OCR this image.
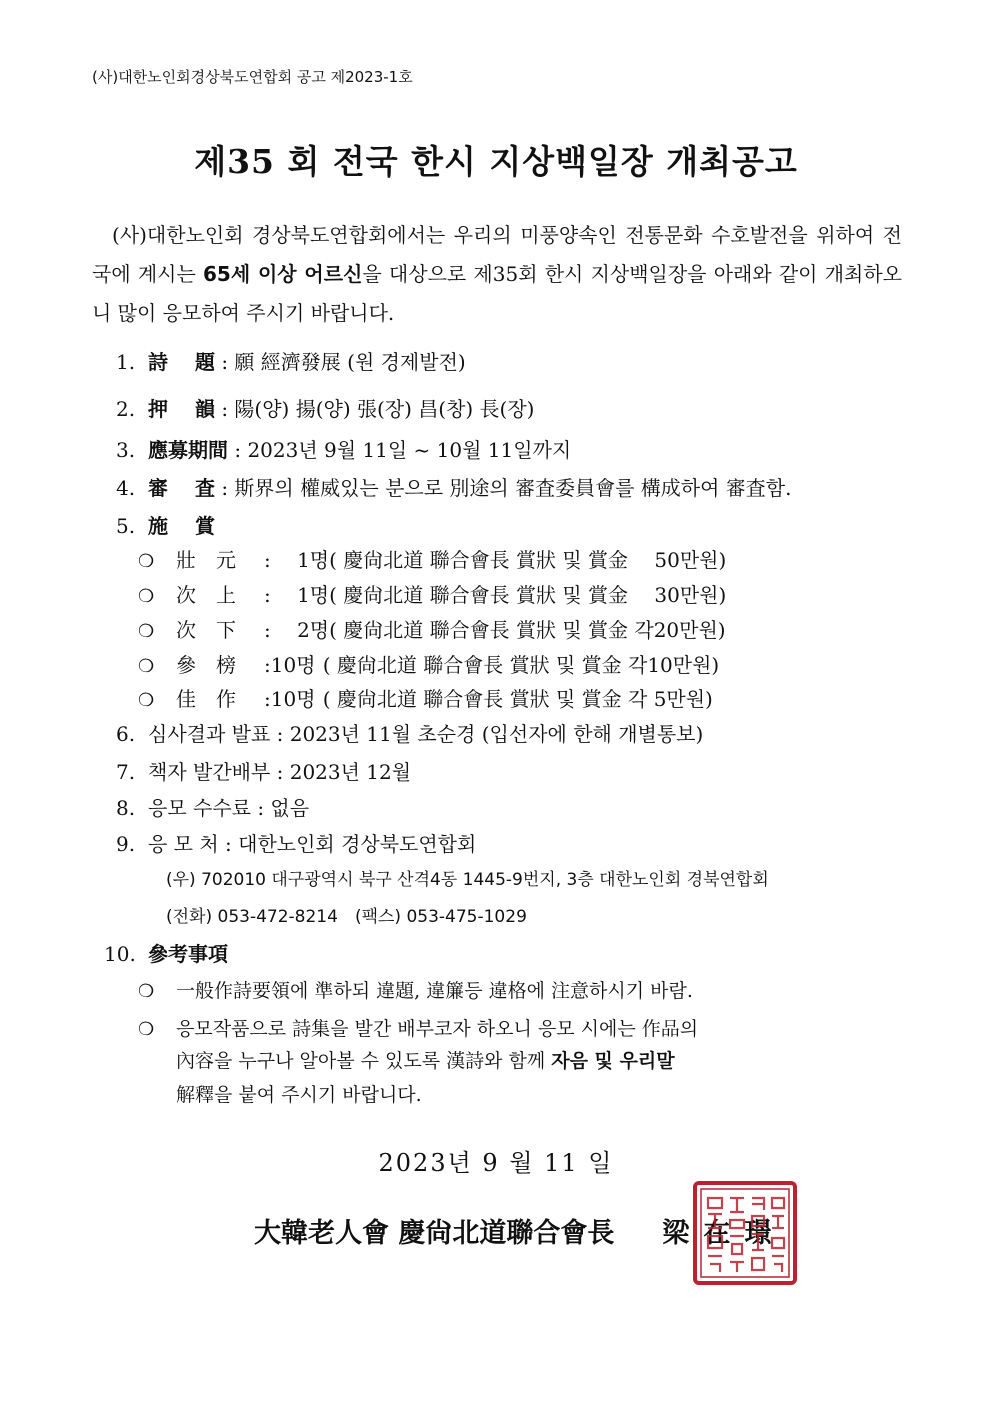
(사)대한노인회경상북도연합회 공고 제2023-1호
제35 회 전국 한시 지상백일장 개최공고
 (사)대한노인회 경상북도연합회에서는 우리의 미풍양속인 전통문화 수호발전을 위하여 전국에 계시는 65세 이상 어르신을 대상으로 제35회 한시 지상백일장을 아래와 같이 개최하오니 많이 응모하여 주시기 바랍니다.
1. 詩　 題 : 願 經濟發展 (원 경제발전)
2. 押　 韻 : 陽(양) 揚(양) 張(장) 昌(창) 長(장)
3. 應募期間 : 2023년 9월 11일 ~ 10월 11일까지
4. 審　 査 : 斯界의 權威있는 분으로 別途의 審査委員會를 構成하여 審査함.
5. 施　 賞
❍ 壯　元 : 1명( 慶尙北道 聯合會長 賞狀 및 賞金　 50만원)
❍ 次　上 : 1명( 慶尙北道 聯合會長 賞狀 및 賞金　 30만원)
❍ 次　下 : 2명( 慶尙北道 聯合會長 賞狀 및 賞金 각20만원)
❍ 參　榜 :10명 ( 慶尙北道 聯合會長 賞狀 및 賞金 각10만원)
❍ 佳　作 :10명 ( 慶尙北道 聯合會長 賞狀 및 賞金 각 5만원)
6. 심사결과 발표 : 2023년 11월 초순경 (입선자에 한해 개별통보)
7. 책자 발간배부 : 2023년 12월
8. 응모 수수료 : 없음
9. 응 모 처 : 대한노인회 경상북도연합회
(우) 702010 대구광역시 북구 산격4동 1445-9번지, 3층 대한노인회 경북연합회
(전화) 053-472-8214　(팩스) 053-475-1029
10. 參考事項
❍ 一般作詩要領에 準하되 違題, 違簾등 違格에 注意하시기 바람.
❍ 응모작품으로 詩集을 발간 배부코자 하오니 응모 시에는 作品의
內容을 누구나 알아볼 수 있도록 漢詩와 함께 자음 및 우리말
解釋을 붙여 주시기 바랍니다.
2023년 9 월 11 일
大韓老人會 慶尙北道聯合會長 梁在璟
